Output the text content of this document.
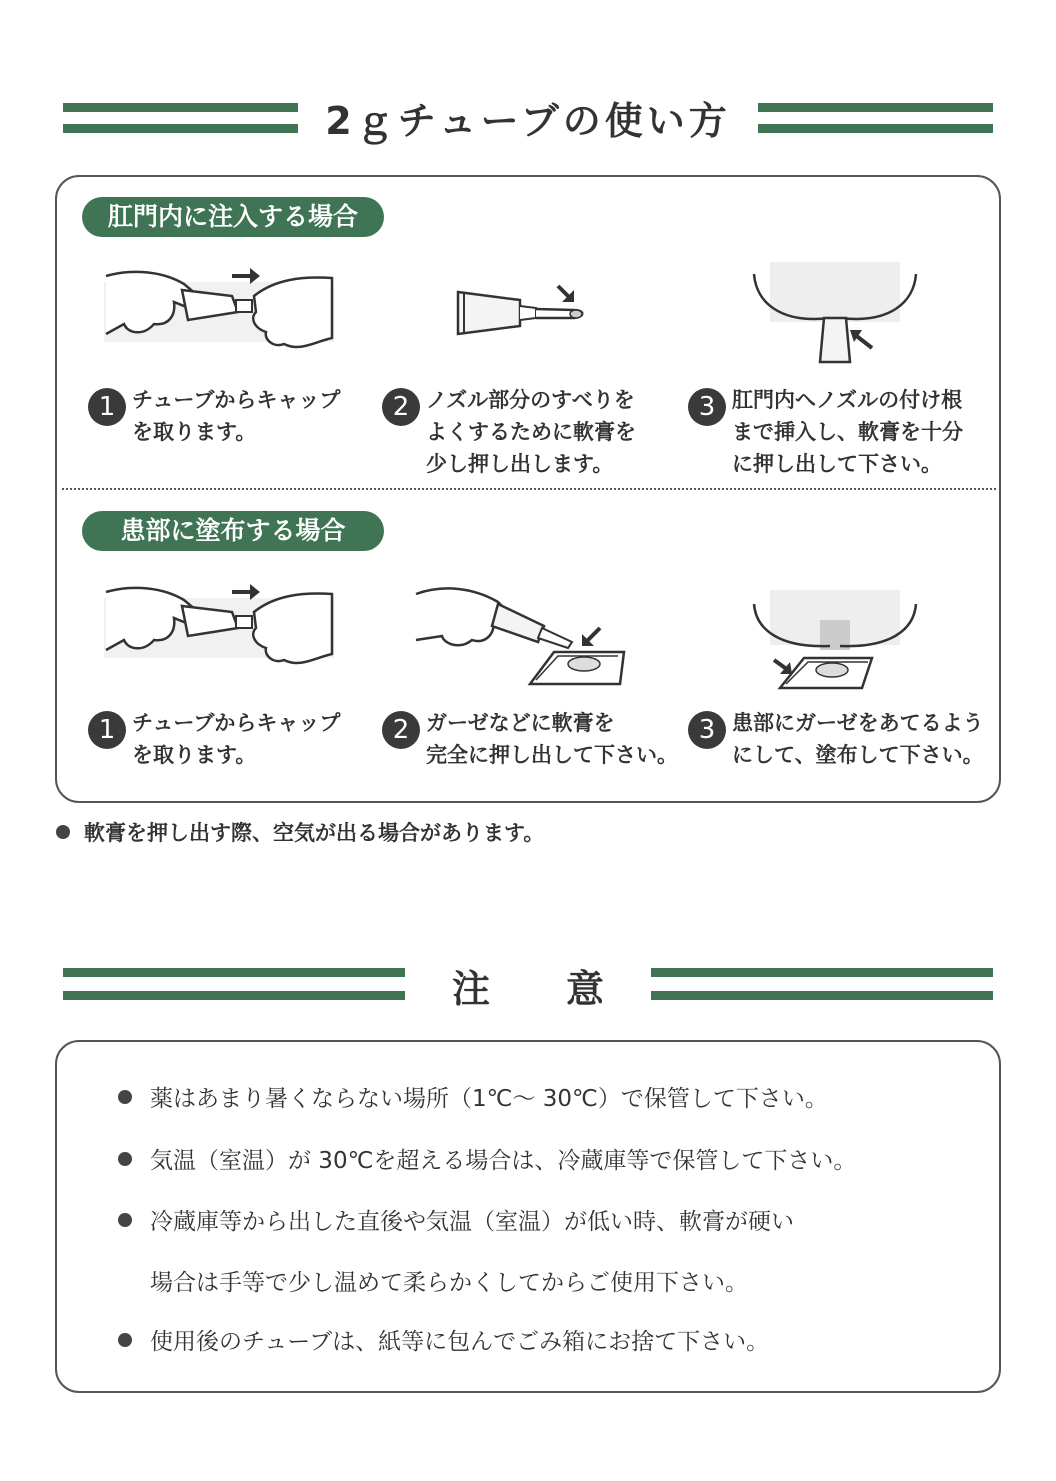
2ｇチューブの使い方
肛門内に注入する場合
1 チューブからキャップ
を取ります。
2 ノズル部分のすべりを
よくするために軟膏を
少し押し出します。
3 肛門内へノズルの付け根
まで挿入し、軟膏を十分
に押し出して下さい。
患部に塗布する場合
1 チューブからキャップ
を取ります。
2 ガーゼなどに軟膏を
完全に押し出して下さい。
3 患部にガーゼをあてるよう
にして、塗布して下さい。
軟膏を押し出す際、空気が出る場合があります。
注　　意
薬はあまり暑くならない場所（1℃～ 30℃）で保管して下さい。
気温（室温）が 30℃を超える場合は、冷蔵庫等で保管して下さい。
冷蔵庫等から出した直後や気温（室温）が低い時、軟膏が硬い
場合は手等で少し温めて柔らかくしてからご使用下さい。
使用後のチューブは、紙等に包んでごみ箱にお捨て下さい。
